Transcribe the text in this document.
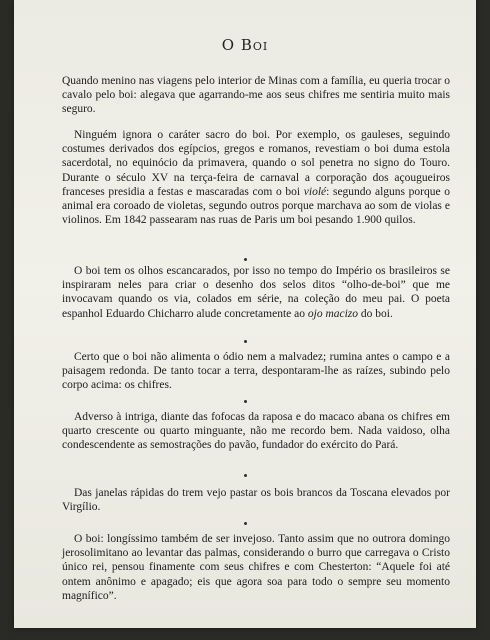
O Boi
Quando menino nas viagens pelo interior de Minas com a família, eu queria trocar o cavalo pelo boi: alegava que agarrando-me aos seus chifres me sentiria muito mais seguro.
Ninguém ignora o caráter sacro do boi. Por exemplo, os gauleses, seguindo costumes derivados dos egípcios, gregos e romanos, revestiam o boi duma estola sacerdotal, no equinócio da primavera, quando o sol penetra no signo do Touro. Durante o século XV na terça-feira de carnaval a corporação dos açougueiros franceses presidia a festas e mascaradas com o boi violé: segundo alguns porque o animal era coroado de violetas, segundo outros porque marchava ao som de violas e violinos. Em 1842 passearam nas ruas de Paris um boi pesando 1.900 quilos.
O boi tem os olhos escancarados, por isso no tempo do Império os brasileiros se inspiraram neles para criar o desenho dos selos ditos “olho-de-boi” que me invocavam quando os via, colados em série, na coleção do meu pai. O poeta espanhol Eduardo Chicharro alude concretamente ao ojo macizo do boi.
Certo que o boi não alimenta o ódio nem a malvadez; rumina antes o campo e a paisagem redonda. De tanto tocar a terra, despontaram-lhe as raízes, subindo pelo corpo acima: os chifres.
Adverso à intriga, diante das fofocas da raposa e do macaco abana os chifres em quarto crescente ou quarto minguante, não me recordo bem. Nada vaidoso, olha condescendente as semostrações do pavão, fundador do exército do Pará.
Das janelas rápidas do trem vejo pastar os bois brancos da Toscana elevados por Virgílio.
O boi: longíssimo também de ser invejoso. Tanto assim que no outrora domingo jerosolimitano ao levantar das palmas, considerando o burro que carregava o Cristo único rei, pensou finamente com seus chifres e com Chesterton: “Aquele foi até ontem anônimo e apagado; eis que agora soa para todo o sempre seu momento magnífico”.
